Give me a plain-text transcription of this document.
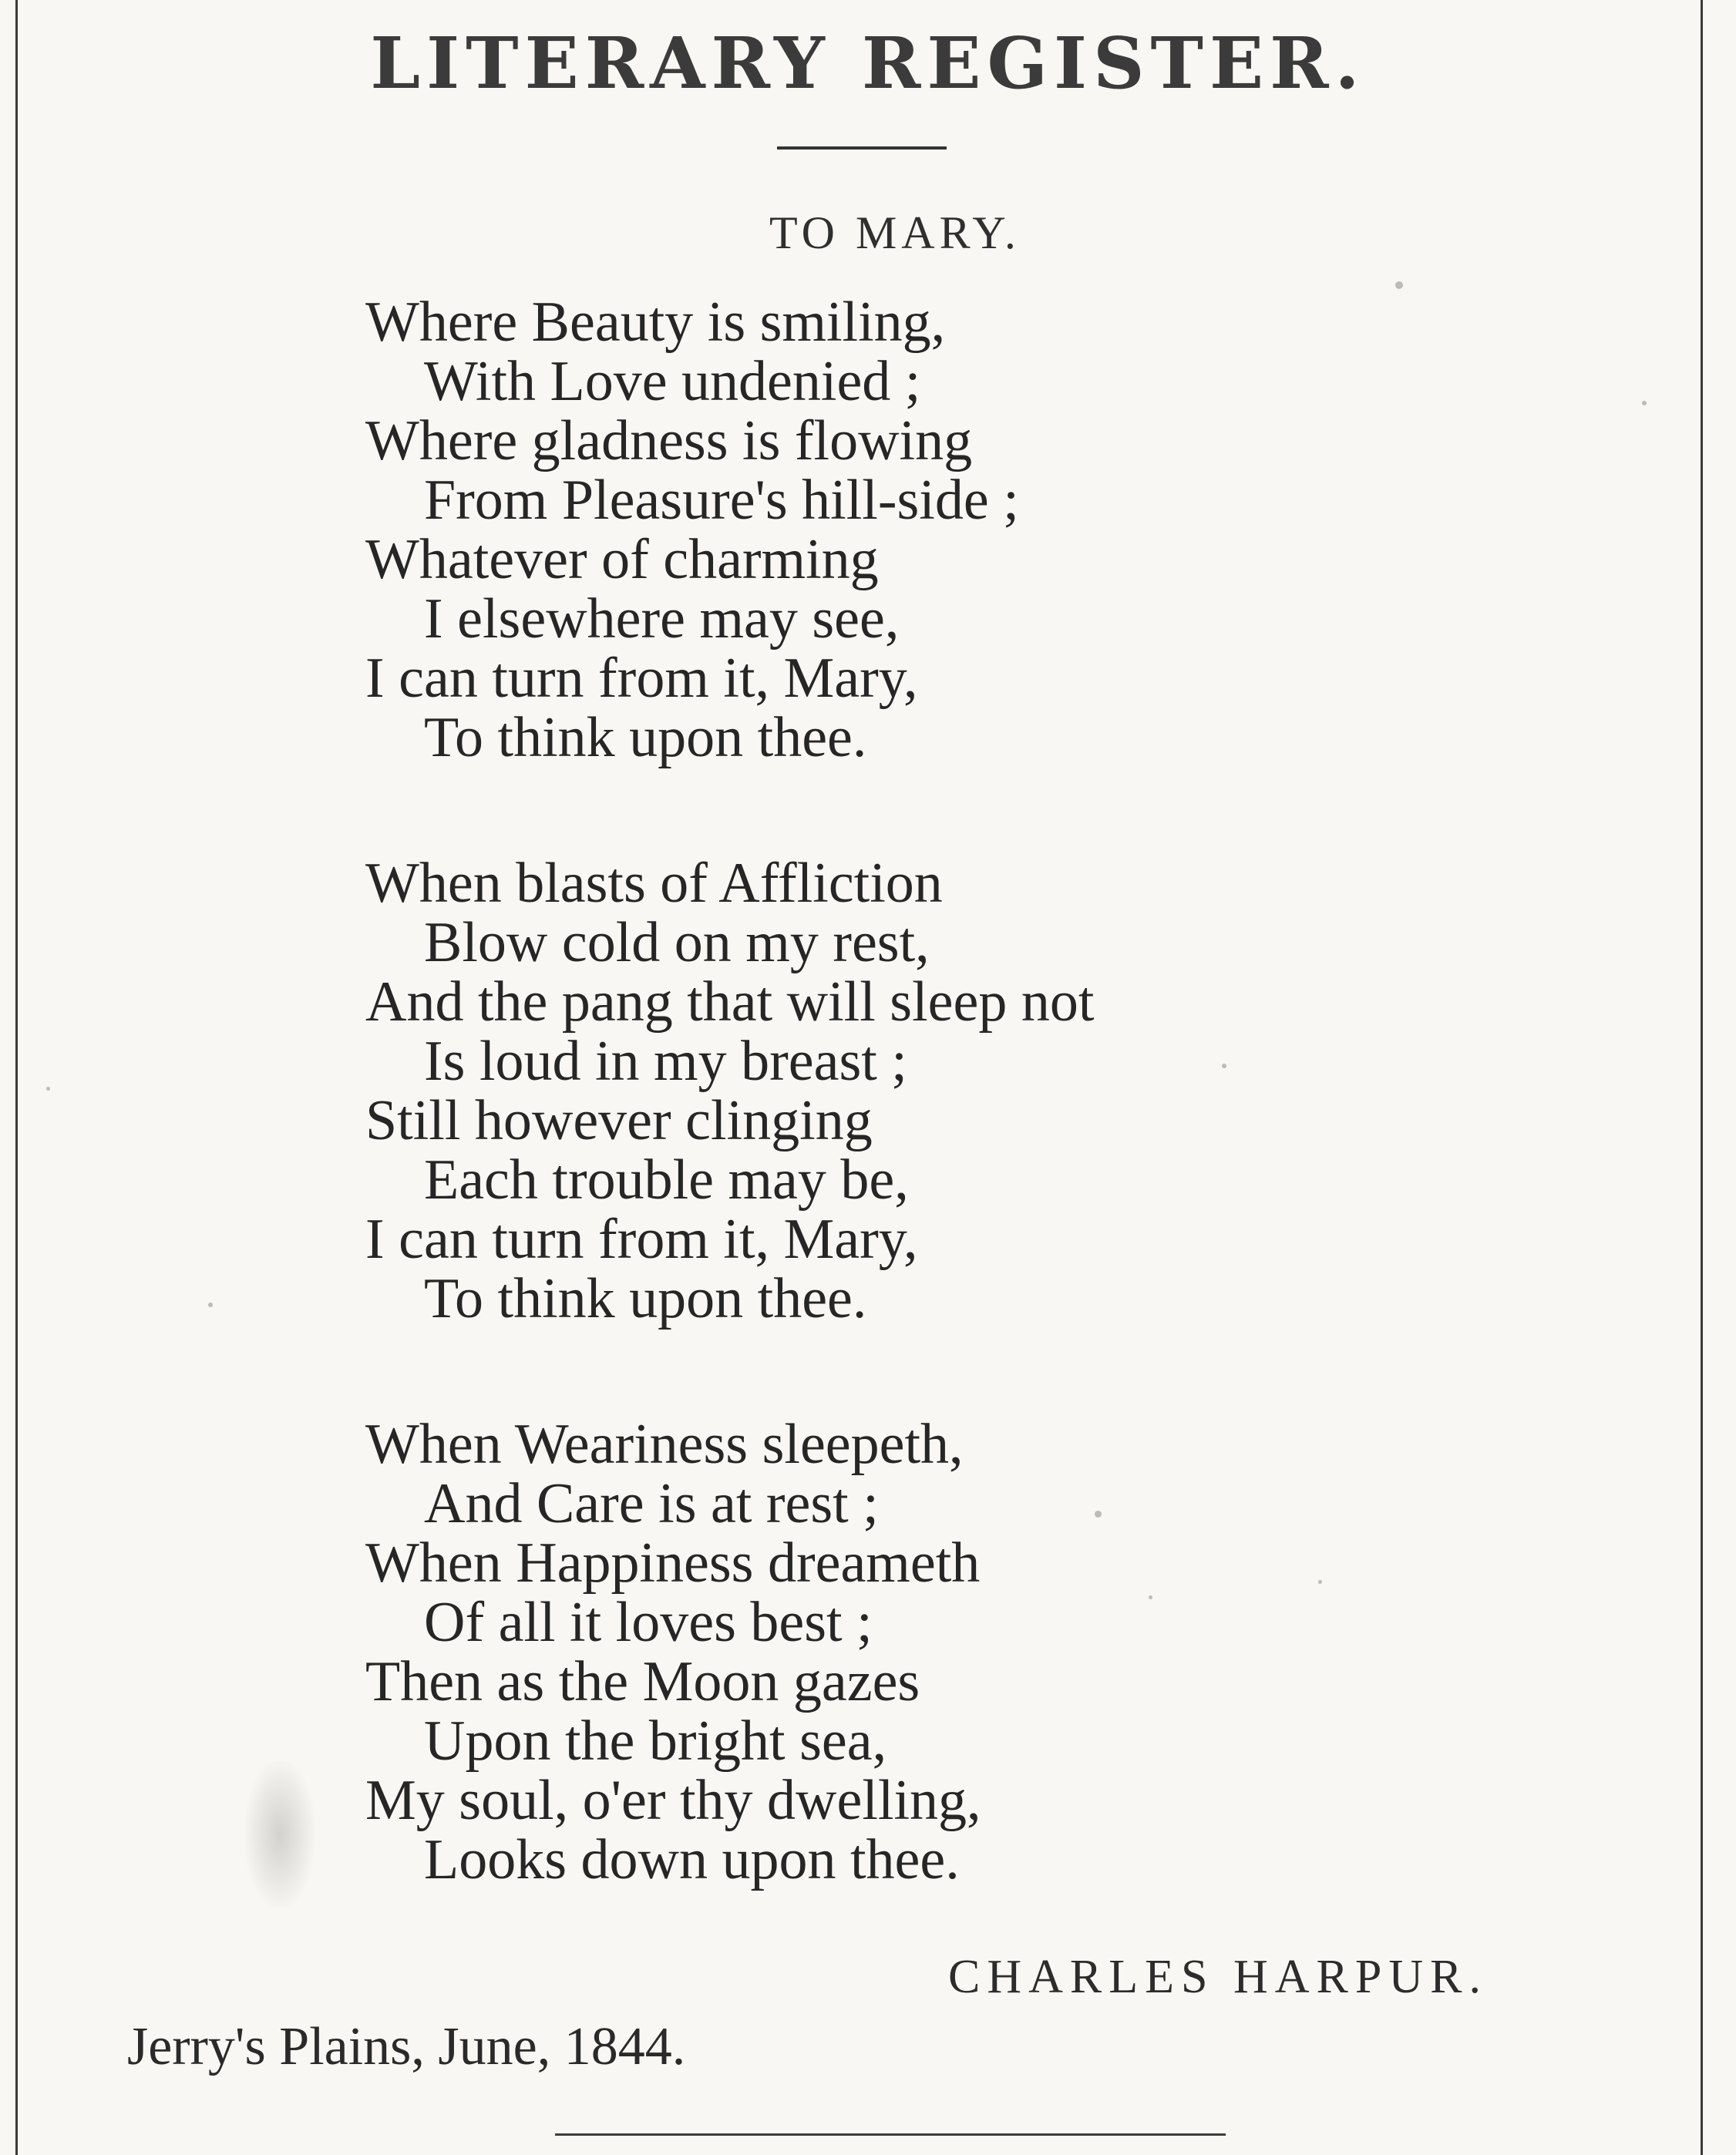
LITERARY REGISTER.
TO MARY.
Where Beauty is smiling,
With Love undenied ;
Where gladness is flowing
From Pleasure's hill-side ;
Whatever of charming
I elsewhere may see,
I can turn from it, Mary,
To think upon thee.
When blasts of Affliction
Blow cold on my rest,
And the pang that will sleep not
Is loud in my breast ;
Still however clinging
Each trouble may be,
I can turn from it, Mary,
To think upon thee.
When Weariness sleepeth,
And Care is at rest ;
When Happiness dreameth
Of all it loves best ;
Then as the Moon gazes
Upon the bright sea,
My soul, o'er thy dwelling,
Looks down upon thee.
CHARLES HARPUR.
Jerry's Plains, June, 1844.
